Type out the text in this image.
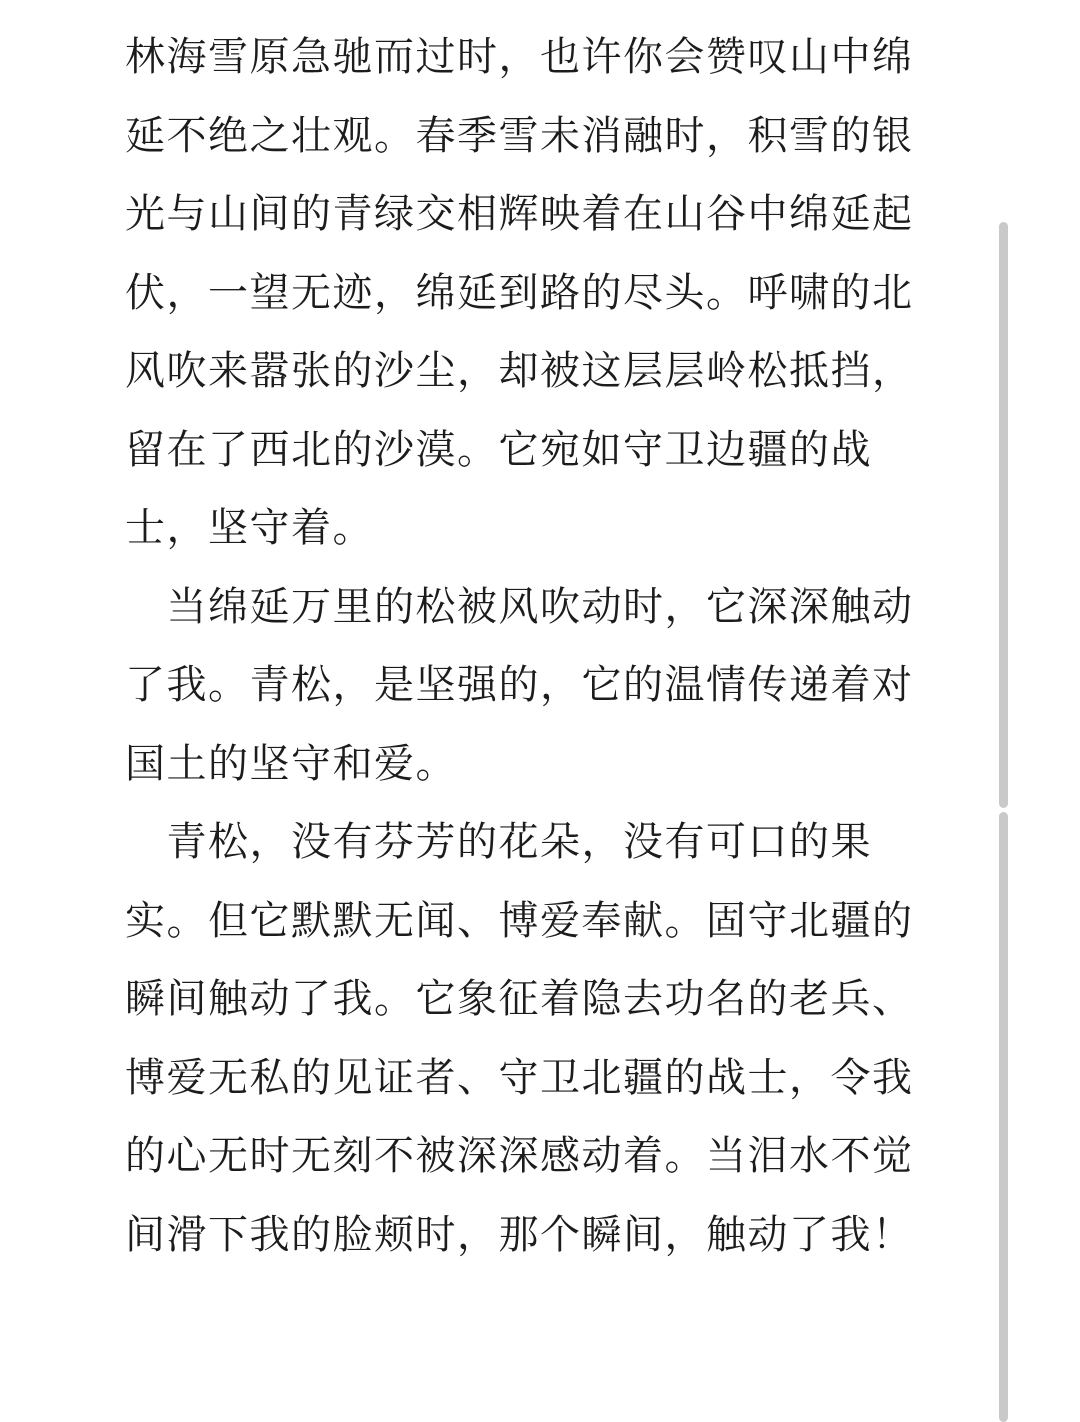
林海雪原急驰而过时，也许你会赞叹山中绵
延不绝之壮观。春季雪未消融时，积雪的银
光与山间的青绿交相辉映着在山谷中绵延起
伏，一望无迹，绵延到路的尽头。呼啸的北
风吹来嚣张的沙尘，却被这层层岭松抵挡，
留在了西北的沙漠。它宛如守卫边疆的战
士，坚守着。
　当绵延万里的松被风吹动时，它深深触动
了我。青松，是坚强的，它的温情传递着对
国土的坚守和爱。
　青松，没有芬芳的花朵，没有可口的果
实。但它默默无闻、博爱奉献。固守北疆的
瞬间触动了我。它象征着隐去功名的老兵、
博爱无私的见证者、守卫北疆的战士，令我
的心无时无刻不被深深感动着。当泪水不觉
间滑下我的脸颊时，那个瞬间，触动了我！
